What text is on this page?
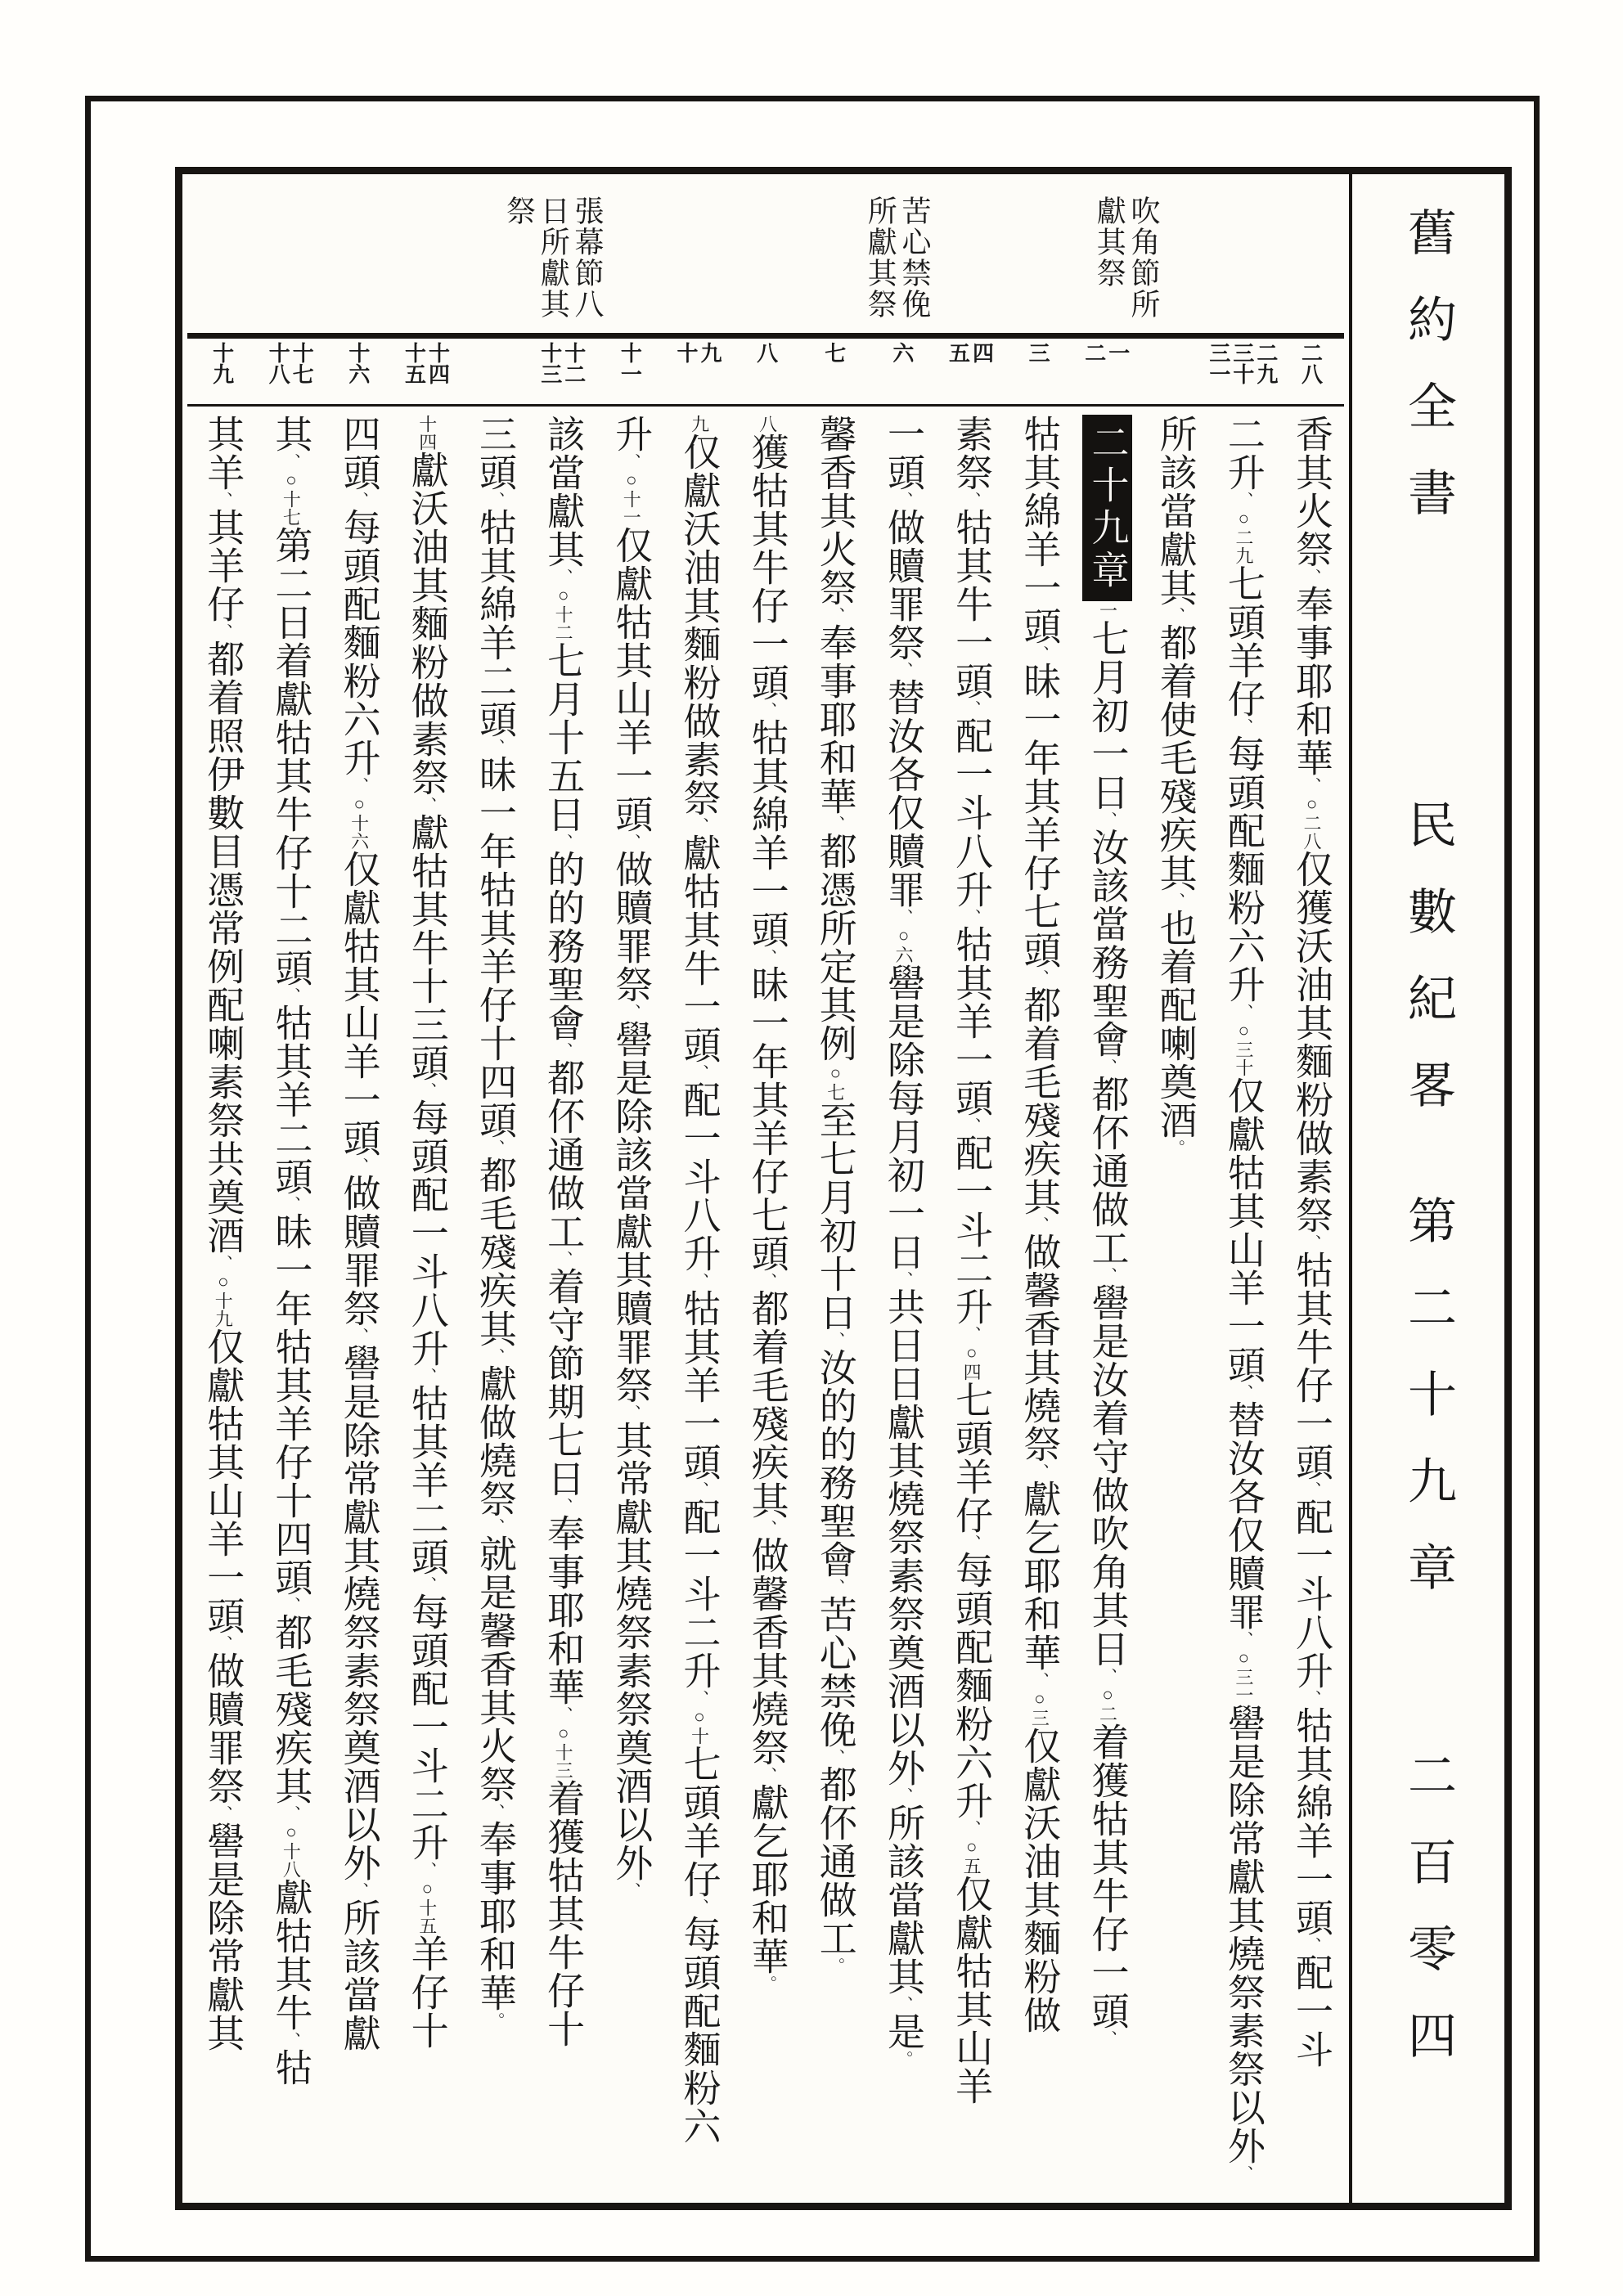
舊約全書
民數紀畧
第二十九章
二百零四
吹角節所獻其祭
苦心禁俛所獻其祭
張幕節八日所獻其祭
二八
二九
三十
三一
一
二
三
四
五
六
七
八
九
十
十一
十二
十三
十四
十五
十六
十七
十八
十九
香其火祭、奉事耶和華、○二八仅獲沃油其麵粉做素祭、牯其牛仔一頭、配一斗八升、牯其綿羊一頭、配一斗
二升、○二九七頭羊仔、每頭配麵粉六升、○三十仅獻牯其山羊一頭、替汝各仅贖罪、○三一嚳是除常獻其燒祭素祭以外、
所該當獻其、都着使毛殘疾其、也着配喇奠酒。
二十九章一七月初一日、汝該當務聖會、都伓通做工、嚳是汝着守做吹角其日、○二着獲牯其牛仔一頭、
牯其綿羊一頭、昧一年其羊仔七頭、都着毛殘疾其、做馨香其燒祭、獻乞耶和華、○三仅獻沃油其麵粉做
素祭、牯其牛一頭、配一斗八升、牯其羊一頭、配一斗二升、○四七頭羊仔、每頭配麵粉六升、○五仅獻牯其山羊
一頭、做贖罪祭、替汝各仅贖罪、○六嚳是除每月初一日、共日日獻其燒祭素祭奠酒以外、所該當獻其、是。
馨香其火祭、奉事耶和華、都憑所定其例○七至七月初十日、汝的的務聖會、苦心禁俛、都伓通做工。
八獲牯其牛仔一頭、牯其綿羊一頭、昧一年其羊仔七頭、都着毛殘疾其、做馨香其燒祭、獻乞耶和華。
九仅獻沃油其麵粉做素祭、獻牯其牛一頭、配一斗八升、牯其羊一頭、配一斗二升、○十七頭羊仔、每頭配麵粉六
升、○十一仅獻牯其山羊一頭、做贖罪祭、嚳是除該當獻其贖罪祭、其常獻其燒祭素祭奠酒以外、
該當獻其、○十二七月十五日、的的務聖會、都伓通做工、着守節期七日、奉事耶和華、○十三着獲牯其牛仔十
三頭、牯其綿羊二頭、昧一年牯其羊仔十四頭、都毛殘疾其、獻做燒祭、就是馨香其火祭、奉事耶和華。
十四獻沃油其麵粉做素祭、獻牯其牛十三頭、每頭配一斗八升、牯其羊二頭、每頭配一斗二升、○十五羊仔十
四頭、每頭配麵粉六升、○十六仅獻牯其山羊一頭、做贖罪祭、嚳是除常獻其燒祭素祭奠酒以外、所該當獻
其、○十七第二日着獻牯其牛仔十二頭、牯其羊二頭、昧一年牯其羊仔十四頭、都毛殘疾其、○十八獻牯其牛、牯
其羊、其羊仔、都着照伊數目憑常例配喇素祭共奠酒、○十九仅獻牯其山羊一頭、做贖罪祭、嚳是除常獻其
